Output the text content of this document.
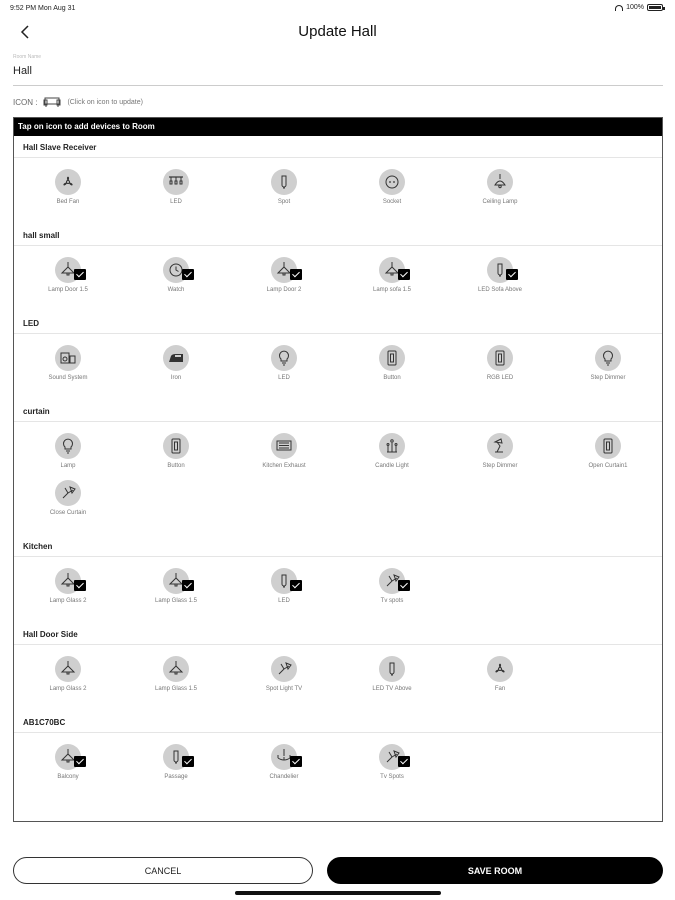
9:52 PM Mon Aug 31	100%
Update Hall
Room Name
Hall
ICON :	(Click on icon to update)
Tap on icon to add devices to Room
Hall Slave Receiver
Bed Fan	LED	Spot	Socket	Ceiling Lamp
hall small
Lamp Door 1.5	Watch	Lamp Door 2	Lamp sofa 1.5	LED Sofa Above
LED
Sound System	Iron	LED	Button	RGB LED	Step Dimmer
curtain
Lamp	Button	Kitchen Exhaust	Candle Light	Step Dimmer	Open Curtain1
Close Curtain
Kitchen
Lamp Glass 2	Lamp Glass 1.5	LED	Tv spots
Hall Door Side
Lamp Glass 2	Lamp Glass 1.5	Spot Light TV	LED TV Above	Fan
AB1C70BC
Balcony	Passage	Chandelier	Tv Spots
CANCEL	SAVE ROOM
